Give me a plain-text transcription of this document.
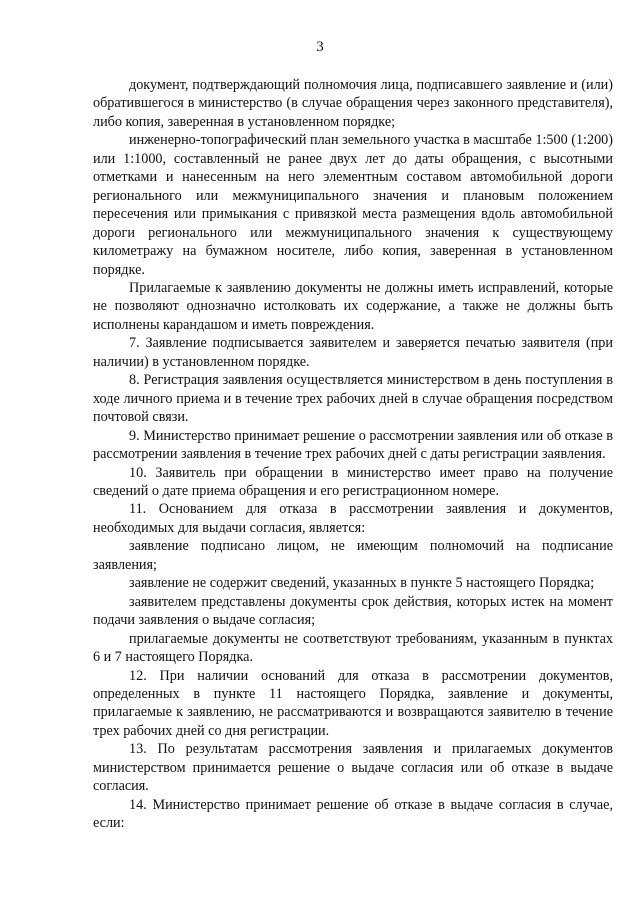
3

документ, подтверждающий полномочия лица, подписавшего заявление и (или) обратившегося в министерство (в случае обращения через законного представителя), либо копия, заверенная в установленном порядке;

инженерно-топографический план земельного участка в масштабе 1:500 (1:200) или 1:1000, составленный не ранее двух лет до даты обращения, с высотными отметками и нанесенным на него элементным составом автомобильной дороги регионального или межмуниципального значения и плановым положением пересечения или примыкания с привязкой места размещения вдоль автомобильной дороги регионального или межмуниципального значения к существующему километражу на бумажном носителе, либо копия, заверенная в установленном порядке.

Прилагаемые к заявлению документы не должны иметь исправлений, которые не позволяют однозначно истолковать их содержание, а также не должны быть исполнены карандашом и иметь повреждения.

7. Заявление подписывается заявителем и заверяется печатью заявителя (при наличии) в установленном порядке.

8. Регистрация заявления осуществляется министерством в день поступления в ходе личного приема и в течение трех рабочих дней в случае обращения посредством почтовой связи.

9. Министерство принимает решение о рассмотрении заявления или об отказе в рассмотрении заявления в течение трех рабочих дней с даты регистрации заявления.

10. Заявитель при обращении в министерство имеет право на получение сведений о дате приема обращения и его регистрационном номере.

11. Основанием для отказа в рассмотрении заявления и документов, необходимых для выдачи согласия, является:

заявление подписано лицом, не имеющим полномочий на подписание заявления;

заявление не содержит сведений, указанных в пункте 5 настоящего Порядка;

заявителем представлены документы срок действия, которых истек на момент подачи заявления о выдаче согласия;

прилагаемые документы не соответствуют требованиям, указанным в пунктах 6 и 7 настоящего Порядка.

12. При наличии оснований для отказа в рассмотрении документов, определенных в пункте 11 настоящего Порядка, заявление и документы, прилагаемые к заявлению, не рассматриваются и возвращаются заявителю в течение трех рабочих дней со дня регистрации.

13. По результатам рассмотрения заявления и прилагаемых документов министерством принимается решение о выдаче согласия или об отказе в выдаче согласия.

14. Министерство принимает решение об отказе в выдаче согласия в случае, если:
